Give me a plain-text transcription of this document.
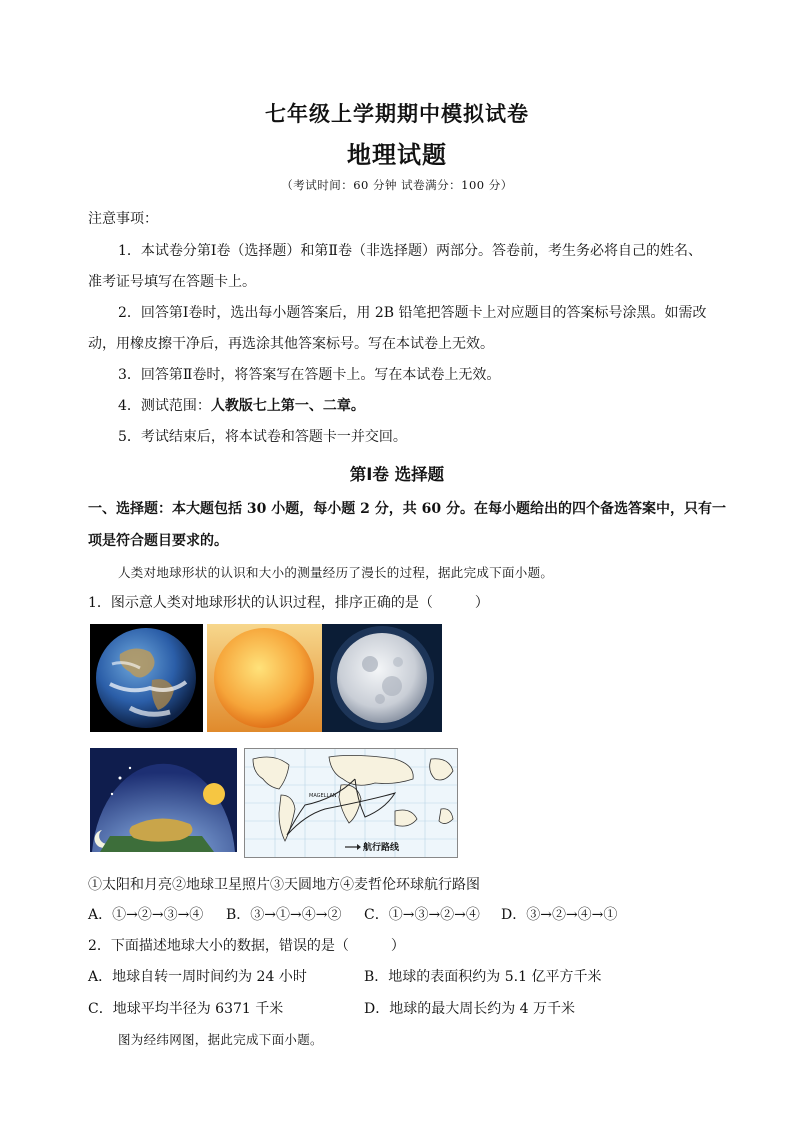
七年级上学期期中模拟试卷
地理试题
（考试时间：60 分钟 试卷满分：100 分）
注意事项：
1．本试卷分第Ⅰ卷（选择题）和第Ⅱ卷（非选择题）两部分。答卷前，考生务必将自己的姓名、
准考证号填写在答题卡上。
2．回答第Ⅰ卷时，选出每小题答案后，用 2B 铅笔把答题卡上对应题目的答案标号涂黑。如需改
动，用橡皮擦干净后，再选涂其他答案标号。写在本试卷上无效。
3．回答第Ⅱ卷时，将答案写在答题卡上。写在本试卷上无效。
4．测试范围：人教版七上第一、二章。
5．考试结束后，将本试卷和答题卡一并交回。
第Ⅰ卷 选择题
一、选择题：本大题包括 30 小题，每小题 2 分，共 60 分。在每小题给出的四个备选答案中，只有一
项是符合题目要求的。
人类对地球形状的认识和大小的测量经历了漫长的过程，据此完成下面小题。
1．图示意人类对地球形状的认识过程，排序正确的是（　　　）
MAGELLAN
航行路线
①太阳和月亮②地球卫星照片③天圆地方④麦哲伦环球航行路图
A．①→②→③→④ B．③→①→④→② C．①→③→②→④ D．③→②→④→①
2．下面描述地球大小的数据，错误的是（　　　）
A．地球自转一周时间约为 24 小时	B．地球的表面积约为 5.1 亿平方千米
C．地球平均半径为 6371 千米	D．地球的最大周长约为 4 万千米
图为经纬网图，据此完成下面小题。
